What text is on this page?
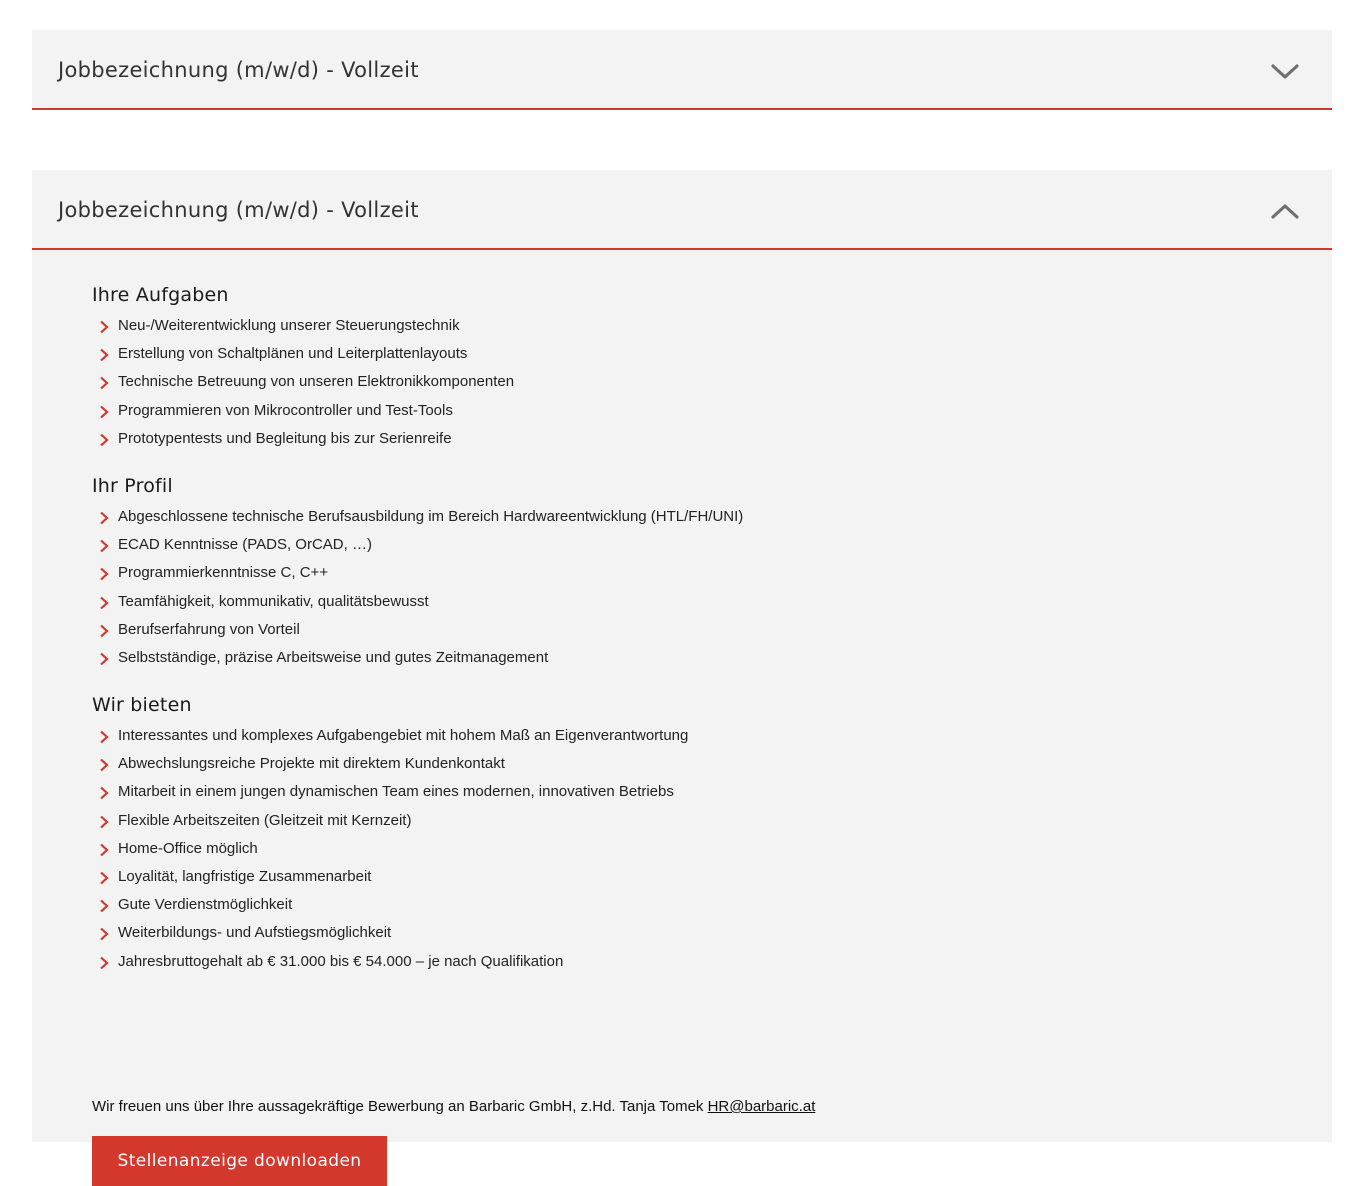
Jobbezeichnung (m/w/d) - Vollzeit
Jobbezeichnung (m/w/d) - Vollzeit
Ihre Aufgaben
Neu-/Weiterentwicklung unserer Steuerungstechnik
Erstellung von Schaltplänen und Leiterplattenlayouts
Technische Betreuung von unseren Elektronikkomponenten
Programmieren von Mikrocontroller und Test-Tools
Prototypentests und Begleitung bis zur Serienreife
Ihr Profil
Abgeschlossene technische Berufsausbildung im Bereich Hardwareentwicklung (HTL/FH/UNI)
ECAD Kenntnisse (PADS, OrCAD, …)
Programmierkenntnisse C, C++
Teamfähigkeit, kommunikativ, qualitätsbewusst
Berufserfahrung von Vorteil
Selbstständige, präzise Arbeitsweise und gutes Zeitmanagement
Wir bieten
Interessantes und komplexes Aufgabengebiet mit hohem Maß an Eigenverantwortung
Abwechslungsreiche Projekte mit direktem Kundenkontakt
Mitarbeit in einem jungen dynamischen Team eines modernen, innovativen Betriebs
Flexible Arbeitszeiten (Gleitzeit mit Kernzeit)
Home-Office möglich
Loyalität, langfristige Zusammenarbeit
Gute Verdienstmöglichkeit
Weiterbildungs- und Aufstiegsmöglichkeit
Jahresbruttogehalt ab € 31.000 bis € 54.000 – je nach Qualifikation
Wir freuen uns über Ihre aussagekräftige Bewerbung an Barbaric GmbH, z.Hd. Tanja Tomek HR@barbaric.at
Stellenanzeige downloaden
